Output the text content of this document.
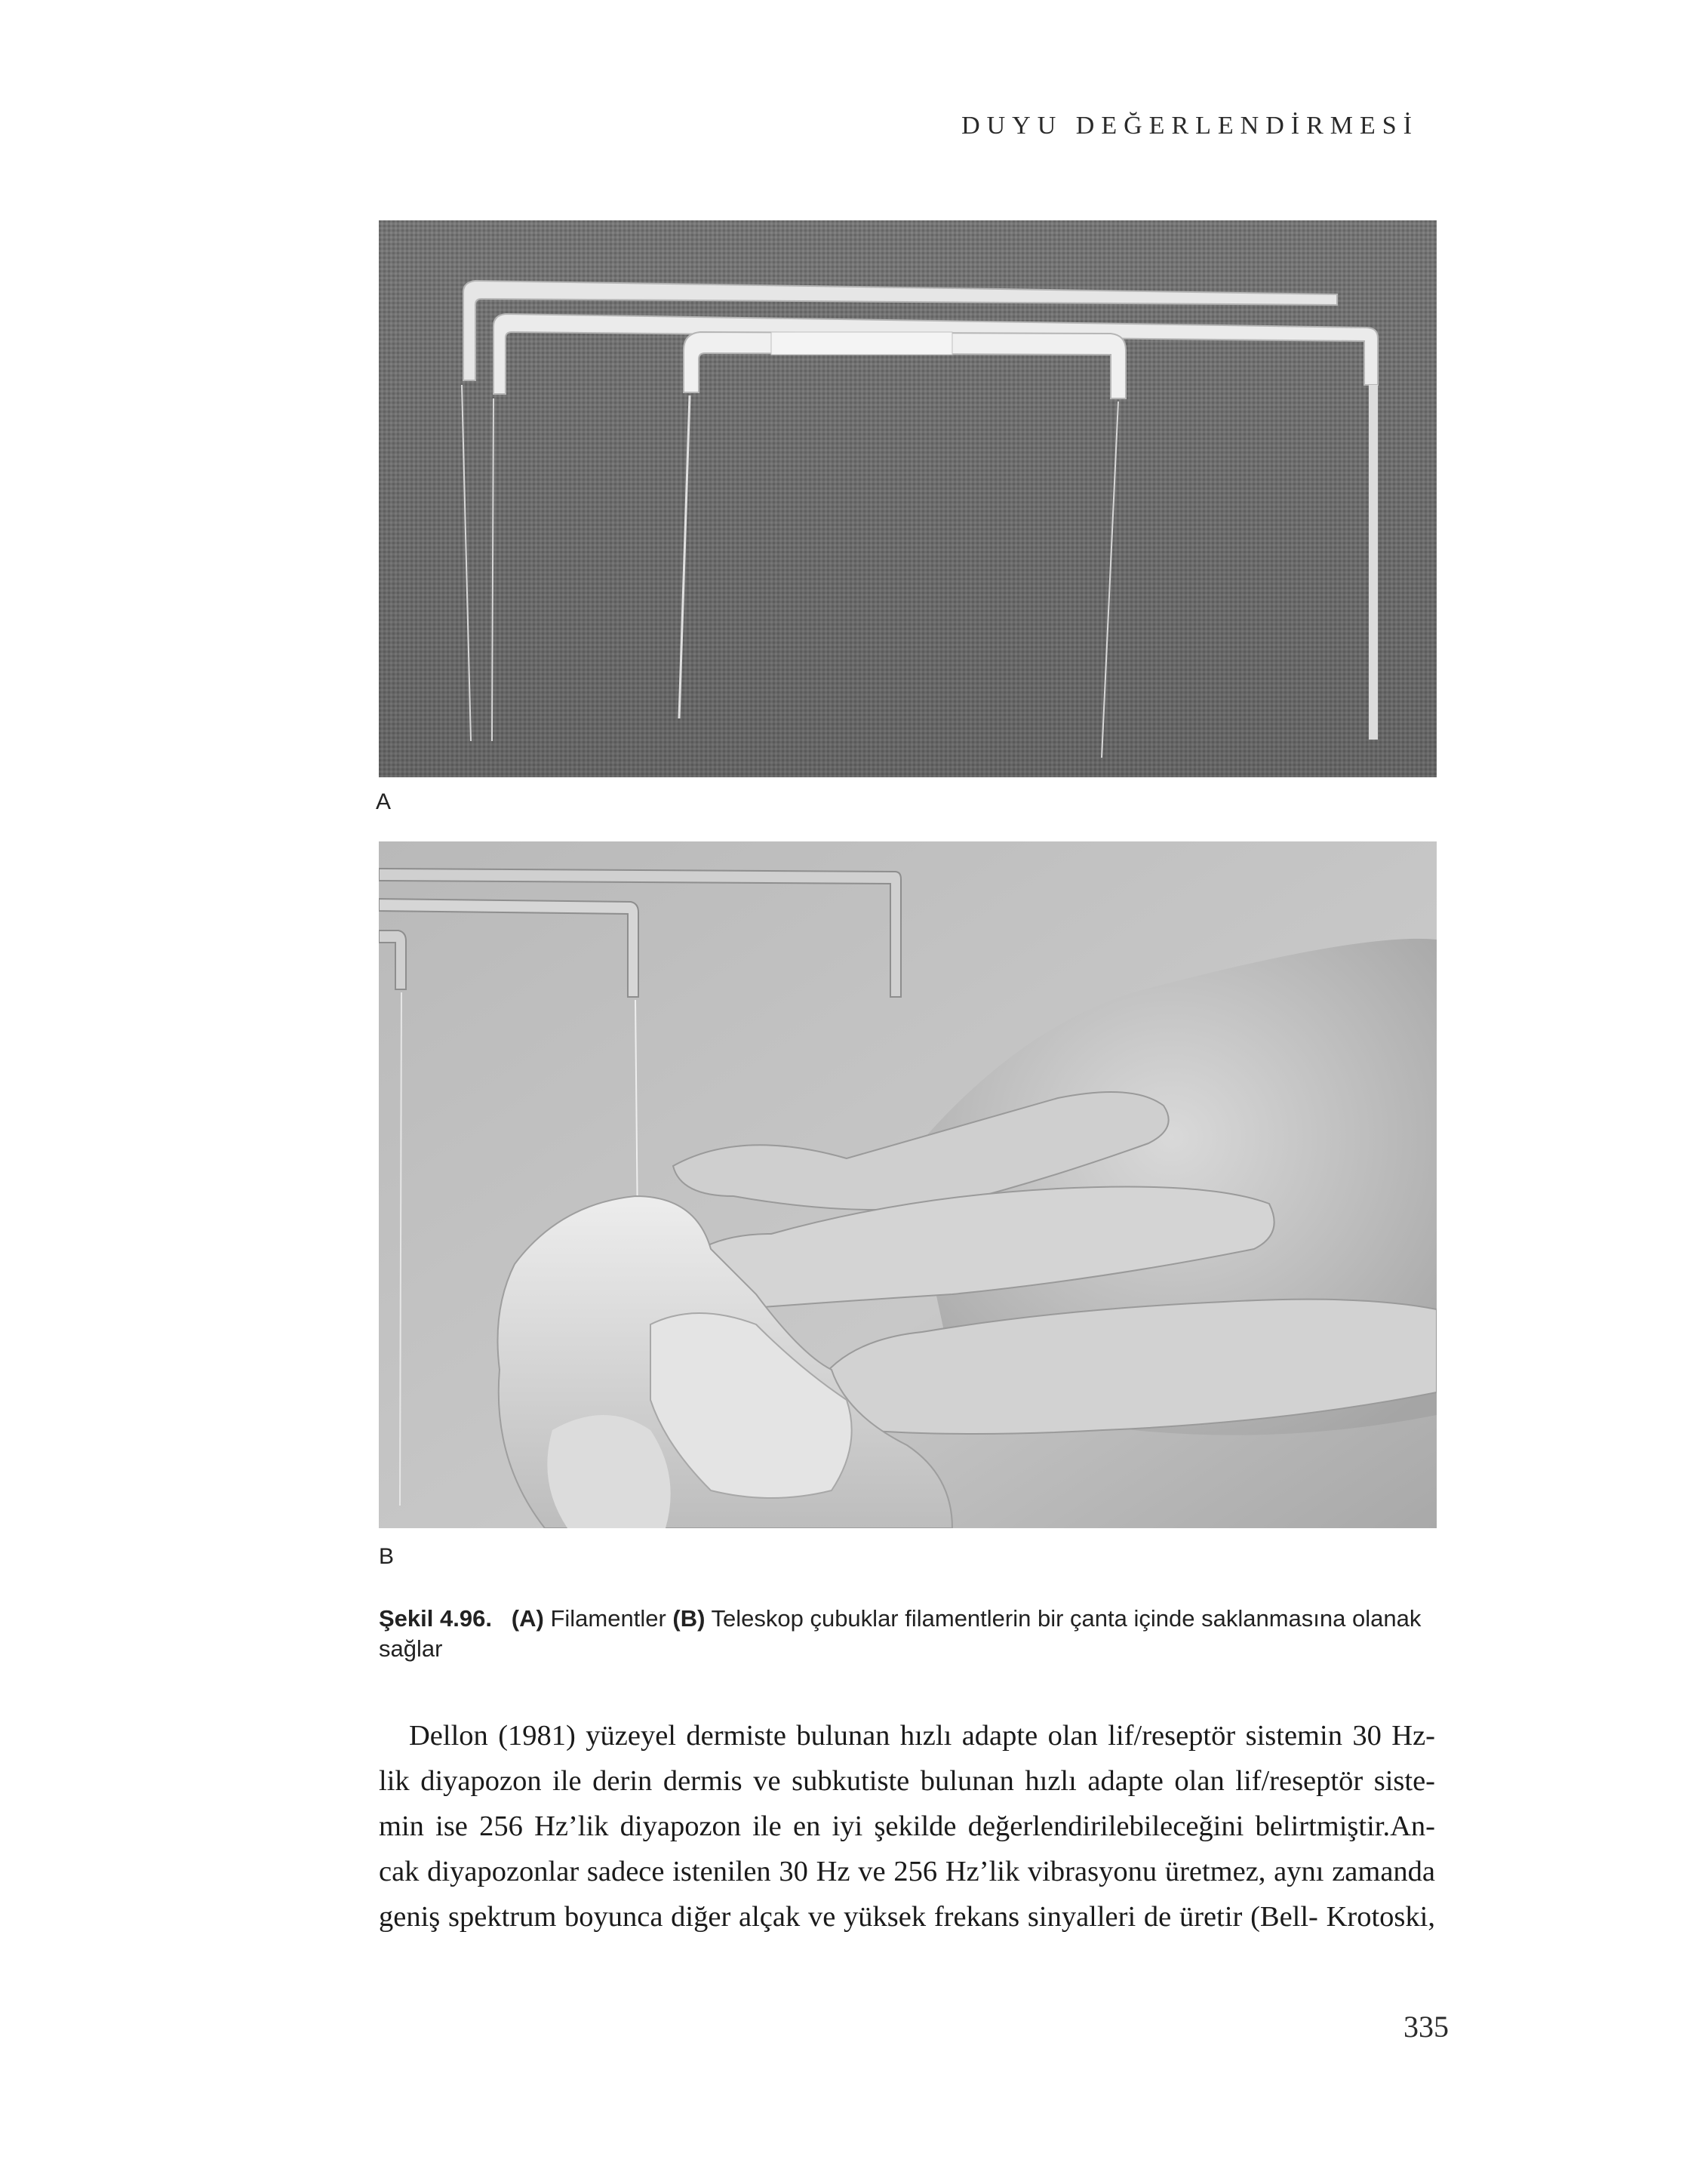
DUYU DEĞERLENDİRMESİ
A
B
Şekil 4.96. (A) Filamentler (B) Teleskop çubuklar filamentlerin bir çanta içinde saklanmasına olanak sağlar
Dellon (1981) yüzeyel dermiste bulunan hızlı adapte olan lif/reseptör sistemin 30 Hz-
lik diyapozon ile derin dermis ve subkutiste bulunan hızlı adapte olan lif/reseptör siste-
min ise 256 Hz’lik diyapozon ile en iyi şekilde değerlendirilebileceğini belirtmiştir.An-
cak diyapozonlar sadece istenilen 30 Hz ve 256 Hz’lik vibrasyonu üretmez, aynı zamanda
geniş spektrum boyunca diğer alçak ve yüksek frekans sinyalleri de üretir (Bell- Krotoski,
335
